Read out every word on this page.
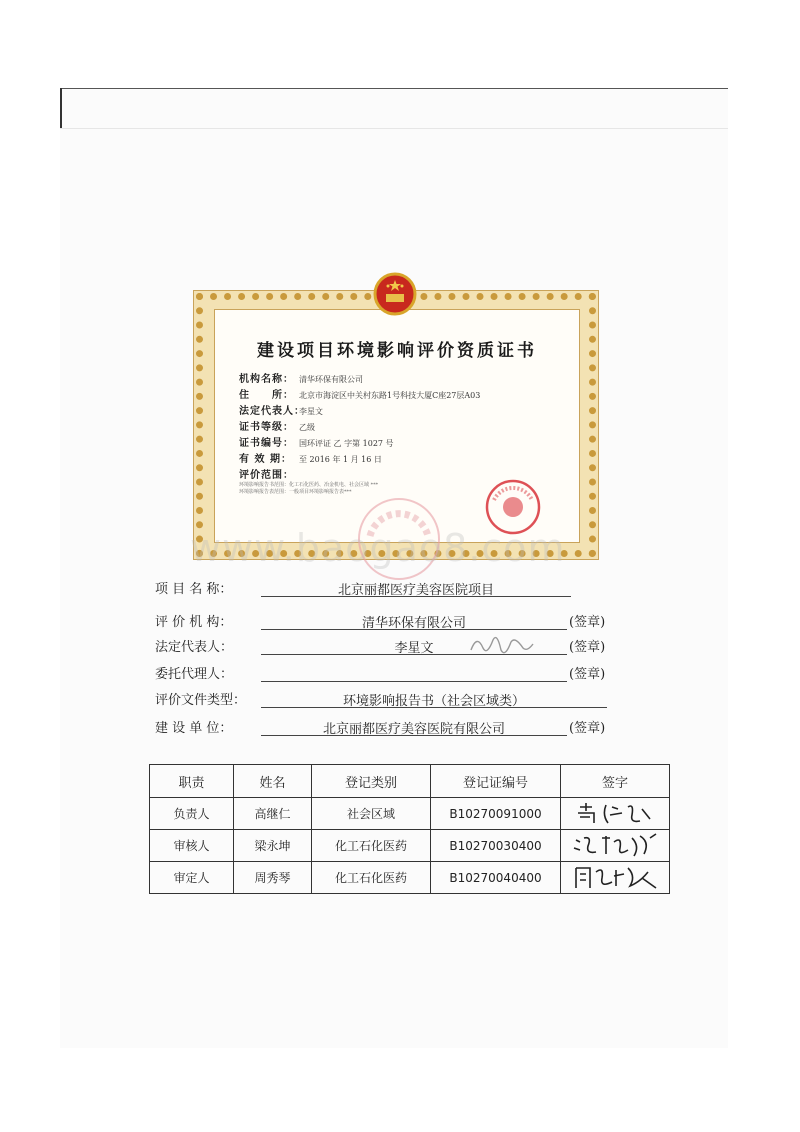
建设项目环境影响评价资质证书
机构名称： 清华环保有限公司
住　　所： 北京市海淀区中关村东路1号科技大厦C座27层A03
法定代表人：
李星文
证书等级： 乙级
证书编号： 国环评证 乙 字第 1027 号
有 效 期： 至 2016 年 1 月 16 日
评价范围：
环境影响报告书范围：化工石化医药、冶金机电、社会区域 ***
环境影响报告表范围：一般项目环境影响报告表***
www.baogao8.com
项 目 名 称：	北京丽都医疗美容医院项目
评 价 机 构：	清华环保有限公司	(签章)
法定代表人：	李星文	(签章)
委托代理人：	(签章)
评价文件类型：	环境影响报告书（社会区域类）
建 设 单 位：	北京丽都医疗美容医院有限公司	(签章)
职责	姓名	登记类别	登记证编号	签字
负责人	高继仁	社会区域	B10270091000	

审核人	梁永坤	化工石化医药	B10270030400	

审定人	周秀琴	化工石化医药	B10270040400	
